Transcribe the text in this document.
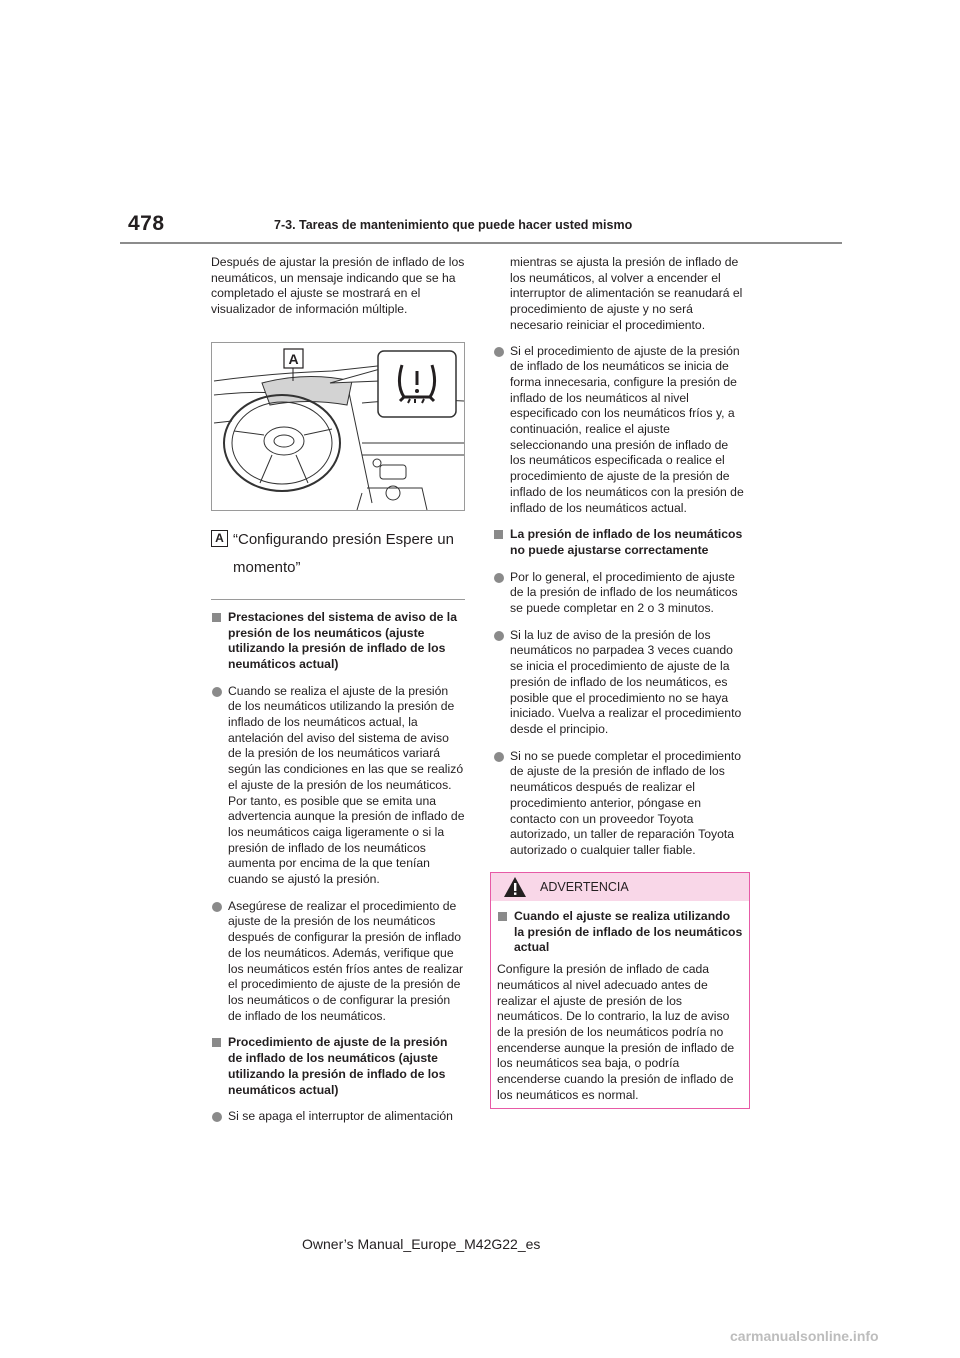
478	7-3. Tareas de mantenimiento que puede hacer usted mismo

Después de ajustar la presión de inflado de los neumáticos, un mensaje indicando que se ha completado el ajuste se mostrará en el visualizador de información múltiple.

A
A “Configurando presión Espere un momento”
Prestaciones del sistema de aviso de la presión de los neumáticos (ajuste utilizando la presión de inflado de los neumáticos actual)
Cuando se realiza el ajuste de la presión de los neumáticos utilizando la presión de inflado de los neumáticos actual, la antelación del aviso del sistema de aviso de la presión de los neumáticos variará según las condiciones en las que se realizó el ajuste de la presión de los neumáticos. Por tanto, es posible que se emita una advertencia aunque la presión de inflado de los neumáticos caiga ligeramente o si la presión de inflado de los neumáticos aumenta por encima de la que tenían cuando se ajustó la presión.
Asegúrese de realizar el procedimiento de ajuste de la presión de los neumáticos después de configurar la presión de inflado de los neumáticos. Además, verifique que los neumáticos estén fríos antes de realizar el procedimiento de ajuste de la presión de los neumáticos o de configurar la presión de inflado de los neumáticos.
Procedimiento de ajuste de la presión de inflado de los neumáticos (ajuste utilizando la presión de inflado de los neumáticos actual)
Si se apaga el interruptor de alimentación

mientras se ajusta la presión de inflado de los neumáticos, al volver a encender el interruptor de alimentación se reanudará el procedimiento de ajuste y no será necesario reiniciar el procedimiento.

Si el procedimiento de ajuste de la presión de inflado de los neumáticos se inicia de forma innecesaria, configure la presión de inflado de los neumáticos al nivel especificado con los neumáticos fríos y, a continuación, realice el ajuste seleccionando una presión de inflado de los neumáticos especificada o realice el procedimiento de ajuste de la presión de inflado de los neumáticos con la presión de inflado de los neumáticos actual.
La presión de inflado de los neumáticos no puede ajustarse correctamente
Por lo general, el procedimiento de ajuste de la presión de inflado de los neumáticos se puede completar en 2 o 3 minutos.
Si la luz de aviso de la presión de los neumáticos no parpadea 3 veces cuando se inicia el procedimiento de ajuste de la presión de inflado de los neumáticos, es posible que el procedimiento no se haya iniciado. Vuelva a realizar el procedimiento desde el principio.
Si no se puede completar el procedimiento de ajuste de la presión de inflado de los neumáticos después de realizar el procedimiento anterior, póngase en contacto con un proveedor Toyota autorizado, un taller de reparación Toyota autorizado o cualquier taller fiable.
ADVERTENCIA
Cuando el ajuste se realiza utilizando la presión de inflado de los neumáticos actual

Configure la presión de inflado de cada neumáticos al nivel adecuado antes de realizar el ajuste de presión de los neumáticos. De lo contrario, la luz de aviso de la presión de los neumáticos podría no encenderse aunque la presión de inflado de los neumáticos sea baja, o podría encenderse cuando la presión de inflado de los neumáticos es normal.

Owner’s Manual_Europe_M42G22_es
carmanualsonline.info
